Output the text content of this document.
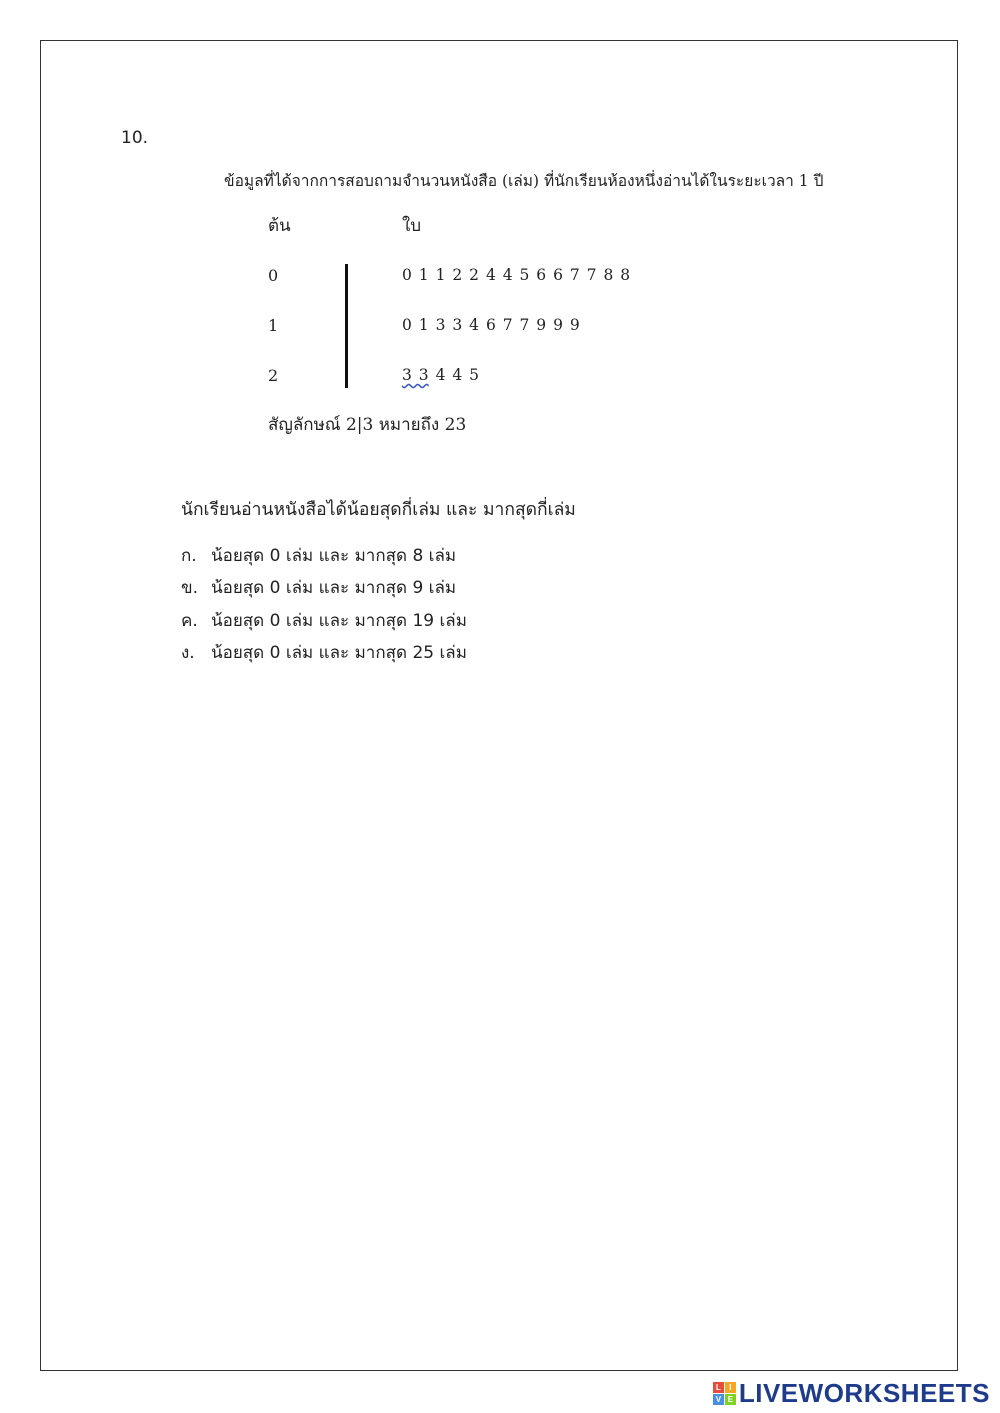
10.
ข้อมูลที่ได้จากการสอบถามจำนวนหนังสือ (เล่ม) ที่นักเรียนห้องหนึ่งอ่านได้ในระยะเวลา 1 ปี
ต้น	ใบ
0	0 1 1 2 2 4 4 5 6 6 7 7 8 8
1	0 1 3 3 4 6 7 7 9 9 9
2	3 3 4 4 5
สัญลักษณ์ 2|3 หมายถึง 23
นักเรียนอ่านหนังสือได้น้อยสุดกี่เล่ม และ มากสุดกี่เล่ม
ก. น้อยสุด 0 เล่ม และ มากสุด 8 เล่ม
ข. น้อยสุด 0 เล่ม และ มากสุด 9 เล่ม
ค. น้อยสุด 0 เล่ม และ มากสุด 19 เล่ม
ง. น้อยสุด 0 เล่ม และ มากสุด 25 เล่ม
L	I
V E LIVEWORKSHEETS
